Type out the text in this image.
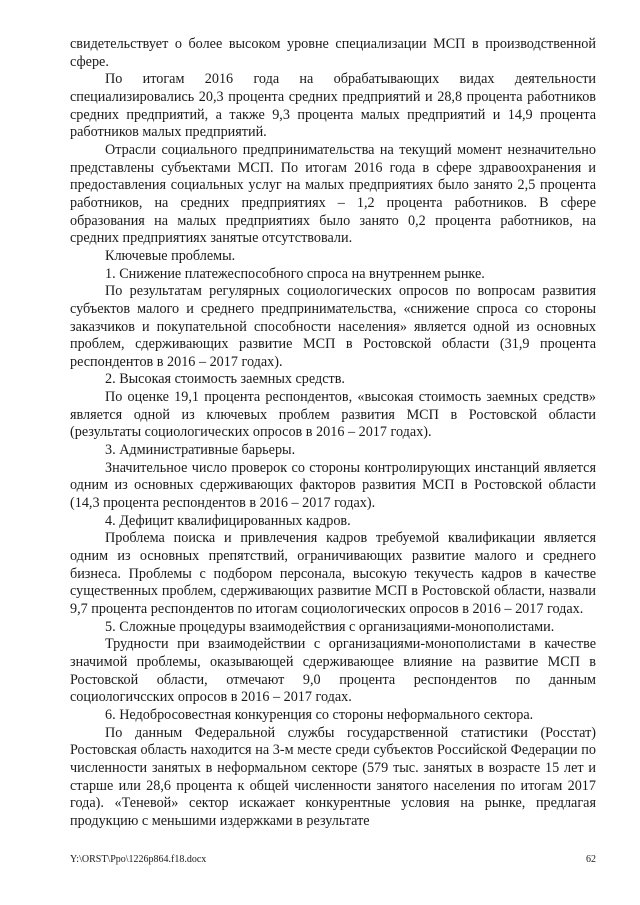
свидетельствует о более высоком уровне специализации МСП в производственной сфере.

По итогам 2016 года на обрабатывающих видах деятельности специализировались 20,3 процента средних предприятий и 28,8 процента работников средних предприятий, а также 9,3 процента малых предприятий и 14,9 процента работников малых предприятий.

Отрасли социального предпринимательства на текущий момент незначительно представлены субъектами МСП. По итогам 2016 года в сфере здравоохранения и предоставления социальных услуг на малых предприятиях было занято 2,5 процента работников, на средних предприятиях – 1,2 процента работников. В сфере образования на малых предприятиях было занято 0,2 процента работников, на средних предприятиях занятые отсутствовали.

Ключевые проблемы.

1. Снижение платежеспособного спроса на внутреннем рынке.

По результатам регулярных социологических опросов по вопросам развития субъектов малого и среднего предпринимательства, «снижение спроса со стороны заказчиков и покупательной способности населения» является одной из основных проблем, сдерживающих развитие МСП в Ростовской области (31,9 процента респондентов в 2016 – 2017 годах).

2. Высокая стоимость заемных средств.

По оценке 19,1 процента респондентов, «высокая стоимость заемных средств» является одной из ключевых проблем развития МСП в Ростовской области (результаты социологических опросов в 2016 – 2017 годах).

3. Административные барьеры.

Значительное число проверок со стороны контролирующих инстанций является одним из основных сдерживающих факторов развития МСП в Ростовской области (14,3 процента респондентов в 2016 – 2017 годах).

4. Дефицит квалифицированных кадров.

Проблема поиска и привлечения кадров требуемой квалификации является одним из основных препятствий, ограничивающих развитие малого и среднего бизнеса. Проблемы с подбором персонала, высокую текучесть кадров в качестве существенных проблем, сдерживающих развитие МСП в Ростовской области, назвали 9,7 процента респондентов по итогам социологических опросов в 2016 – 2017 годах.

5. Сложные процедуры взаимодействия с организациями-монополистами.

Трудности при взаимодействии с организациями-монополистами в качестве значимой проблемы, оказывающей сдерживающее влияние на развитие МСП в Ростовской области, отмечают 9,0 процента респондентов по данным социологичсских опросов в 2016 – 2017 годах.

6. Недобросовестная конкуренция со стороны неформального сектора.

По данным Федеральной службы государственной статистики (Росстат) Ростовская область находится на 3-м месте среди субъектов Российской Федерации по численности занятых в неформальном секторе (579 тыс. занятых в возрасте 15 лет и старше или 28,6 процента к общей численности занятого населения по итогам 2017 года). «Теневой» сектор искажает конкурентные условия на рынке, предлагая продукцию с меньшими издержками в результате

Y:\ORST\Ppo\1226p864.f18.docx	62
